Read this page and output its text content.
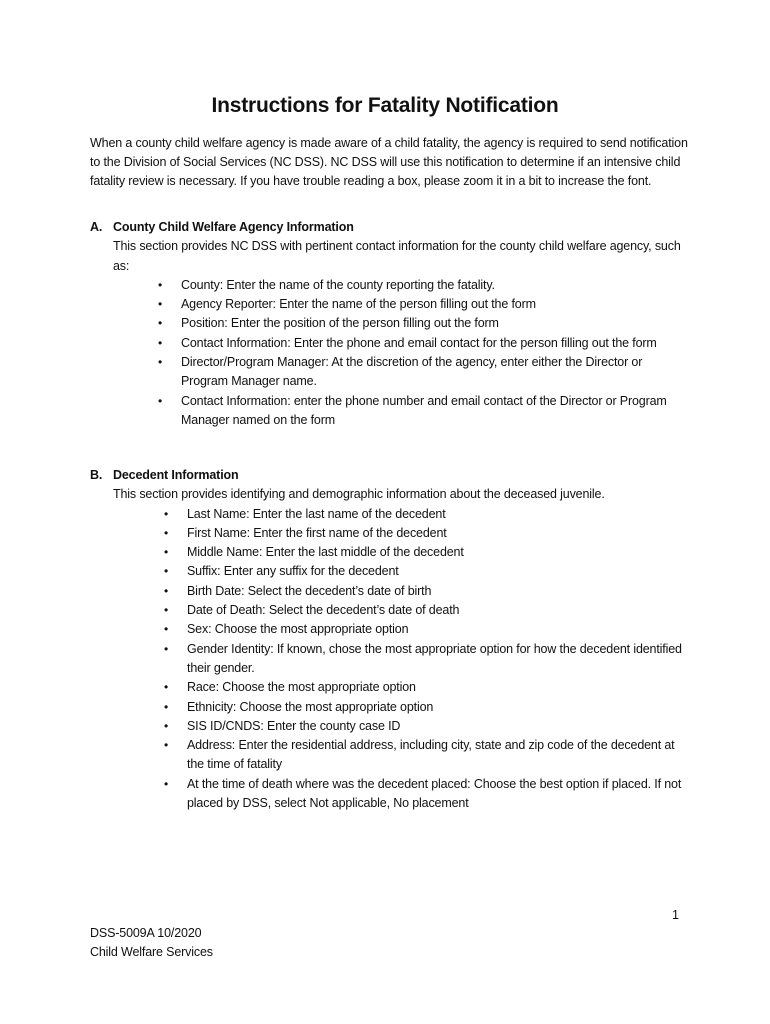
Instructions for Fatality Notification
When a county child welfare agency is made aware of a child fatality, the agency is required to send notification to the Division of Social Services (NC DSS). NC DSS will use this notification to determine if an intensive child fatality review is necessary. If you have trouble reading a box, please zoom it in a bit to increase the font.
A. County Child Welfare Agency Information
This section provides NC DSS with pertinent contact information for the county child welfare agency, such as:
• County: Enter the name of the county reporting the fatality.
• Agency Reporter: Enter the name of the person filling out the form
• Position: Enter the position of the person filling out the form
• Contact Information: Enter the phone and email contact for the person filling out the form
• Director/Program Manager: At the discretion of the agency, enter either the Director or Program Manager name.
• Contact Information: enter the phone number and email contact of the Director or Program Manager named on the form
B. Decedent Information
This section provides identifying and demographic information about the deceased juvenile.
• Last Name: Enter the last name of the decedent
• First Name: Enter the first name of the decedent
• Middle Name: Enter the last middle of the decedent
• Suffix: Enter any suffix for the decedent
• Birth Date: Select the decedent’s date of birth
• Date of Death: Select the decedent’s date of death
• Sex: Choose the most appropriate option
• Gender Identity: If known, chose the most appropriate option for how the decedent identified their gender.
• Race: Choose the most appropriate option
• Ethnicity: Choose the most appropriate option
• SIS ID/CNDS: Enter the county case ID
• Address: Enter the residential address, including city, state and zip code of the decedent at the time of fatality
• At the time of death where was the decedent placed: Choose the best option if placed. If not placed by DSS, select Not applicable, No placement
1
DSS-5009A 10/2020
Child Welfare Services
